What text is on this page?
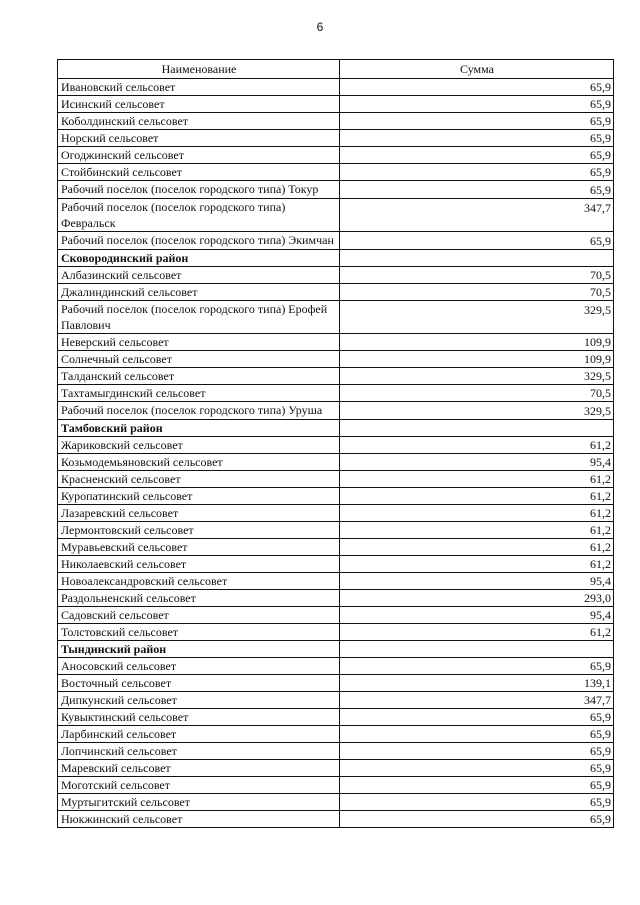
6
Наименование	Сумма
Ивановский сельсовет	65,9
Исинский сельсовет	65,9
Коболдинский сельсовет	65,9
Норский сельсовет	65,9
Огоджинский сельсовет	65,9
Стойбинский сельсовет	65,9
Рабочий поселок (поселок городского типа) Токур	65,9
Рабочий поселок (поселок городского типа) Февральск	347,7
Рабочий поселок (поселок городского типа) Экимчан	65,9
Сковородинский район	
Албазинский сельсовет	70,5
Джалиндинский сельсовет	70,5
Рабочий поселок (поселок городского типа) Ерофей Павлович	329,5
Неверский сельсовет	109,9
Солнечный сельсовет	109,9
Талданский сельсовет	329,5
Тахтамыгдинский сельсовет	70,5
Рабочий поселок (поселок городского типа) Уруша	329,5
Тамбовский район	
Жариковский сельсовет	61,2
Козьмодемьяновский сельсовет	95,4
Красненский сельсовет	61,2
Куропатинский сельсовет	61,2
Лазаревский сельсовет	61,2
Лермонтовский сельсовет	61,2
Муравьевский сельсовет	61,2
Николаевский сельсовет	61,2
Новоалександровский сельсовет	95,4
Раздольненский сельсовет	293,0
Садовский сельсовет	95,4
Толстовский сельсовет	61,2
Тындинский район	
Аносовский сельсовет	65,9
Восточный сельсовет	139,1
Дипкунский сельсовет	347,7
Кувыктинский сельсовет	65,9
Ларбинский сельсовет	65,9
Лопчинский сельсовет	65,9
Маревский сельсовет	65,9
Моготский сельсовет	65,9
Муртыгитский сельсовет	65,9
Нюкжинский сельсовет	65,9
